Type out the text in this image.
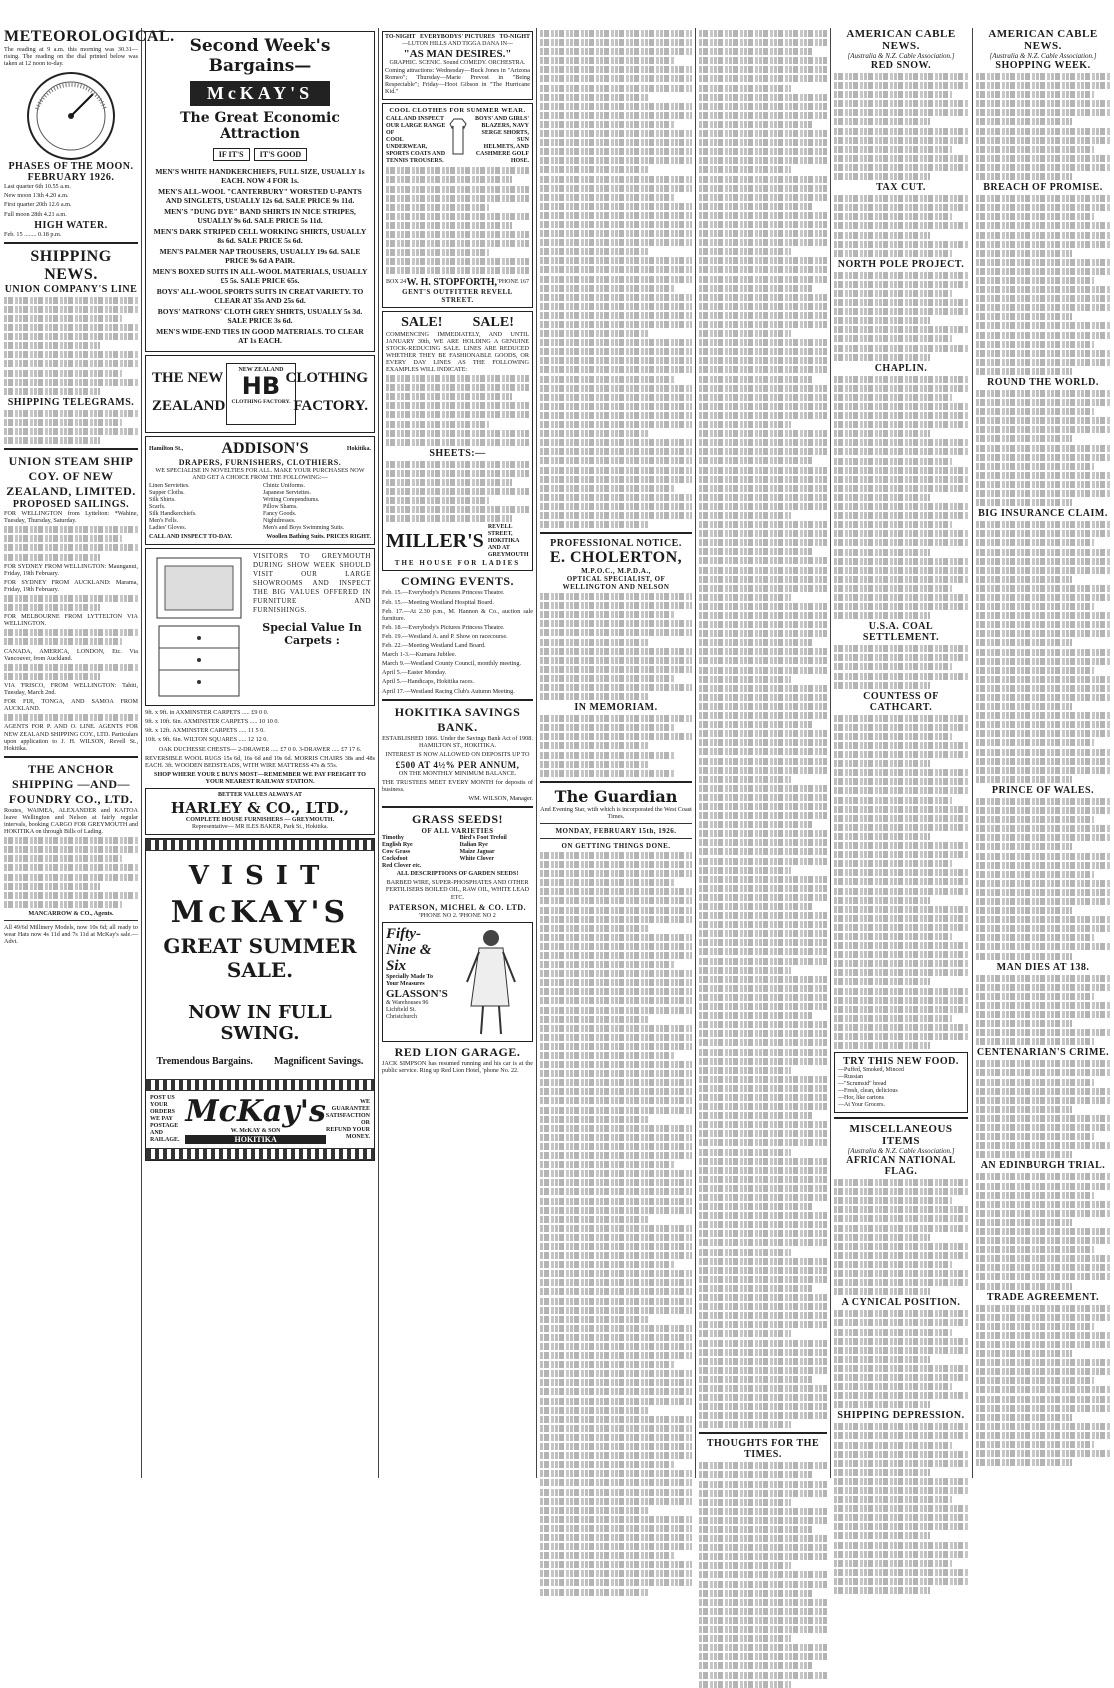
METEOROLOGICAL.

The reading at 9 a.m. this morning was 30.31—rising. The reading on the dial printed below was taken at 12 noon to-day.

PHASES OF THE MOON. FEBRUARY 1926.

Last quarter 6th 10.55 a.m.

New moon 13th 4.20 a.m.

First quarter 20th 12.6 a.m.

Full moon 28th 4.21 a.m.

HIGH WATER.

Feb. 15 ........ 0.18 p.m.

SHIPPING NEWS.
UNION COMPANY'S LINE
SHIPPING TELEGRAMS.
UNION STEAM SHIP COY. OF NEW ZEALAND, LIMITED.
PROPOSED SAILINGS.

FOR WELLINGTON from Lyttelton: *Wahine, Tuesday, Thursday, Saturday.

FOR SYDNEY FROM WELLINGTON: Maunganui, Friday, 19th February.

FOR SYDNEY FROM AUCKLAND: Marama, Friday, 19th February.

FOR MELBOURNE FROM LYTTELTON VIA WELLINGTON.

CANADA, AMERICA, LONDON, Etc. Via Vancouver, from Auckland.

VIA 'FRISCO, FROM WELLINGTON: Tahiti, Tuesday, March 2nd.

FOR FIJI, TONGA, AND SAMOA FROM AUCKLAND.

AGENTS FOR P. AND O. LINE. AGENTS FOR NEW ZEALAND SHIPPING COY., LTD. Particulars upon application to J. H. WILSON, Revell St., Hokitika.

THE ANCHOR SHIPPING —AND— FOUNDRY CO., LTD.

Routes, WAIMEA, ALEXANDER and KAITOA leave Wellington and Nelson at fairly regular intervals, booking CARGO FOR GREYMOUTH and HOKITIKA on through Bills of Lading.

MANCARROW & CO., Agents.

All 49/6d Millinery Models, now 10s 6d; all ready to wear Hats now 4s 11d and 7s 11d at McKay's sale.—Advt.

Second Week's Bargains—
McKAY'S
The Great Economic Attraction
IF IT'S	IT'S GOOD
MEN'S WHITE HANDKERCHIEFS, FULL SIZE, USUALLY 1s EACH. NOW 4 FOR 1s.
MEN'S ALL-WOOL "CANTERBURY" WORSTED U-PANTS AND SINGLETS, USUALLY 12s 6d. SALE PRICE 9s 11d.
MEN'S "DUNG DYE" BAND SHIRTS IN NICE STRIPES, USUALLY 9s 6d. SALE PRICE 5s 11d.
MEN'S DARK STRIPED CELL WORKING SHIRTS, USUALLY 8s 6d. SALE PRICE 5s 6d.
MEN'S PALMER NAP TROUSERS, USUALLY 19s 6d. SALE PRICE 9s 6d A PAIR.
MEN'S BOXED SUITS IN ALL-WOOL MATERIALS, USUALLY £5 5s. SALE PRICE 65s.
BOYS' ALL-WOOL SPORTS SUITS IN CREAT VARIETY. TO CLEAR AT 35s AND 25s 6d.
BOYS' MATRONS' CLOTH GREY SHIRTS, USUALLY 5s 3d. SALE PRICE 3s 6d.
MEN'S WIDE-END TIES IN GOOD MATERIALS. TO CLEAR AT 1s EACH.
THE NEW
ZEALAND
NEW ZEALAND
HB
CLOTHING FACTORY.
CLOTHING
FACTORY.
Hamilton St., ADDISON'S	Hokitika.
DRAPERS, FURNISHERS, CLOTHIERS.

WE SPECIALISE IN NOVELTIES FOR ALL. MAKE YOUR PURCHASES NOW AND GET A CHOICE FROM THE FOLLOWING:—

Linen Serviettes.	Chintz Uniforms.
Supper Cloths.	Japanese Serviettes.
Silk Shirts.	Writing Compendiums.
Scarfs.	Pillow Shams.
Silk Handkerchiefs.	Fancy Goods.
Men's Fells.	Nightdresses.
Ladies' Gloves.	Men's and Boys Swimming Suits.
CALL AND INSPECT TO-DAY.	Woollen Bathing Suits. PRICES RIGHT.

VISITORS TO GREYMOUTH DURING SHOW WEEK SHOULD VISIT OUR LARGE SHOWROOMS AND INSPECT THE BIG VALUES OFFERED IN FURNITURE AND FURNISHINGS.

Special Value In Carpets :

9ft. x 9ft. in AXMINSTER CARPETS ..... £9 0 0.

9ft. x 10ft. 6in. AXMINSTER CARPETS ..... 10 10 0.

9ft. x 12ft. AXMINSTER CARPETS ..... 11 5 0.

10ft. x 9ft. 6in. WILTON SQUARES ..... 12 12 0.

OAK DUCHESSE CHESTS— 2-DRAWER ..... £7 0 0. 3-DRAWER ..... £7 17 6.

REVERSIBLE WOOL RUGS 15s 6d, 16s 6d and 19s 6d. MORRIS CHAIRS 38s and 48s EACH. 3ft. WOODEN BEDSTEADS, WITH WIRE MATTRESS 47s & 55s.

SHOP WHERE YOUR £ BUYS MOST—REMEMBER WE PAY FREIGHT TO YOUR NEAREST RAILWAY STATION.

BETTER VALUES ALWAYS AT
HARLEY & CO., LTD.,
COMPLETE HOUSE FURNISHERS — GREYMOUTH.
Representative— MR ILES BAKER, Park St., Hokitika.
VISIT
McKAY'S
GREAT SUMMER SALE.
NOW IN FULL SWING.
Tremendous Bargains. Magnificent Savings.
POST US YOUR ORDERS
WE PAY POSTAGE AND
RAILAGE.
McKay's
W. McKAY & SON
HOKITIKA
WE GUARANTEE
SATISFACTION OR
REFUND YOUR
MONEY.
TO-NIGHT EVERYBODYS' PICTURES TO-NIGHT
—LUTON HILLS AND TIGGA DANA IN—
"AS MAN DESIRES."
GRAPHIC. SCENIC. Sound COMEDY. ORCHESTRA.

Coming attractions: Wednesday—Buck Jones in "Arizona Romeo"; Thursday—Marie Prevost in "Being Respectable"; Friday—Hoot Gibson in "The Hurricane Kid."

COOL CLOTHES FOR SUMMER WEAR.
CALL AND INSPECT
OUR LARGE RANGE OF
COOL UNDERWEAR,
SPORTS COATS AND
TENNIS TROUSERS.
BOYS' AND GIRLS'
BLAZERS, NAVY
SERGE SHORTS, SUN
HELMETS, AND
CASHMERE GOLF
HOSE.
BOX 24 W. H. STOPFORTH, 'PHONE 167
GENT'S OUTFITTER REVELL STREET.
SALE! SALE!

COMMENCING IMMEDIATELY, AND UNTIL JANUARY 30th, WE ARE HOLDING A GENUINE STOCK-REDUCING SALE. LINES ARE REDUCED WHETHER THEY BE FASHIONABLE GOODS, OR EVERY DAY LINES AS THE FOLLOWING EXAMPLES WILL INDICATE:

SHEETS:—
MILLER'S
REVELL STREET, HOKITIKA AND AT GREYMOUTH
THE HOUSE FOR LADIES
COMING EVENTS.

Feb. 15.—Everybody's Pictures Princess Theatre.

Feb. 15.—Meeting Westland Hospital Board.

Feb. 17.—At 2.30 p.m., M. Hannon & Co., auction sale furniture.

Feb. 18.—Everybody's Pictures Princess Theatre.

Feb. 19.—Westland A. and P. Show on racecourse.

Feb. 22.—Meeting Westland Land Board.

March 1-3.—Kumara Jubilee.

March 9.—Westland County Council, monthly meeting.

April 5.—Easter Monday.

April 5.—Handicaps, Hokitika races.

April 17.—Westland Racing Club's Autumn Meeting.

HOKITIKA SAVINGS BANK.

ESTABLISHED 1866. Under the Savings Bank Act of 1908. HAMILTON ST., HOKITIKA.

INTEREST IS NOW ALLOWED ON DEPOSITS UP TO

£500 AT 4½% PER ANNUM,

ON THE MONTHLY MINIMUM BALANCE.

THE TRUSTEES MEET EVERY MONTH for deposits of business.

WM. WILSON, Manager.

GRASS SEEDS!
OF ALL VARIETIES
Timothy	Bird's Foot Trefoil
English Rye	Italian Rye
Cow Grass	Maize Jaguar
Cocksfoot	White Clover
Red Clover etc.

ALL DESCRIPTIONS OF GARDEN SEEDS!

BARBED WIRE, SUPER-PHOSPHATES AND OTHER FERTILISERS BOILED OIL, RAW OIL, WHITE LEAD ETC.

PATERSON, MICHEL & CO. LTD.

'PHONE NO 2. 'PHONE NO 2

Fifty- Nine & Six
Specially Made To Your Measures
GLASSON'S
& Warehouses 96 Lichfield St. Christchurch
RED LION GARAGE.

JACK SIMPSON has resumed running and his car is at the public service. Ring up Red Lion Hotel, 'phone No. 22.

PROFESSIONAL NOTICE.
E. CHOLERTON,
M.P.O.C., M.P.D.A.,
OPTICAL SPECIALIST, OF WELLINGTON AND NELSON
IN MEMORIAM.
The Guardian

And Evening Star, with which is incorporated the West Coast Times.

MONDAY, FEBRUARY 15th, 1926.
ON GETTING THINGS DONE.
THOUGHTS FOR THE TIMES.
AMERICAN CABLE NEWS.
[Australia & N.Z. Cable Association.]
RED SNOW.
TAX CUT.
NORTH POLE PROJECT.
CHAPLIN.
U.S.A. COAL SETTLEMENT.
COUNTESS OF CATHCART.
TRY THIS NEW FOOD.
—Puffed, Smoked, Minced
—Russian
—"Scrumsid" bread
—Fresh, clean, delicious
—Hor, like cartons
—At Your Grocers.
MISCELLANEOUS ITEMS
[Australia & N.Z. Cable Association.]
AFRICAN NATIONAL FLAG.
A CYNICAL POSITION.
SHIPPING DEPRESSION.
AMERICAN CABLE NEWS.
[Australia & N.Z. Cable Association.]
SHOPPING WEEK.
BREACH OF PROMISE.
ROUND THE WORLD.
BIG INSURANCE CLAIM.
PRINCE OF WALES.
MAN DIES AT 138.
CENTENARIAN'S CRIME.
AN EDINBURGH TRIAL.
TRADE AGREEMENT.
